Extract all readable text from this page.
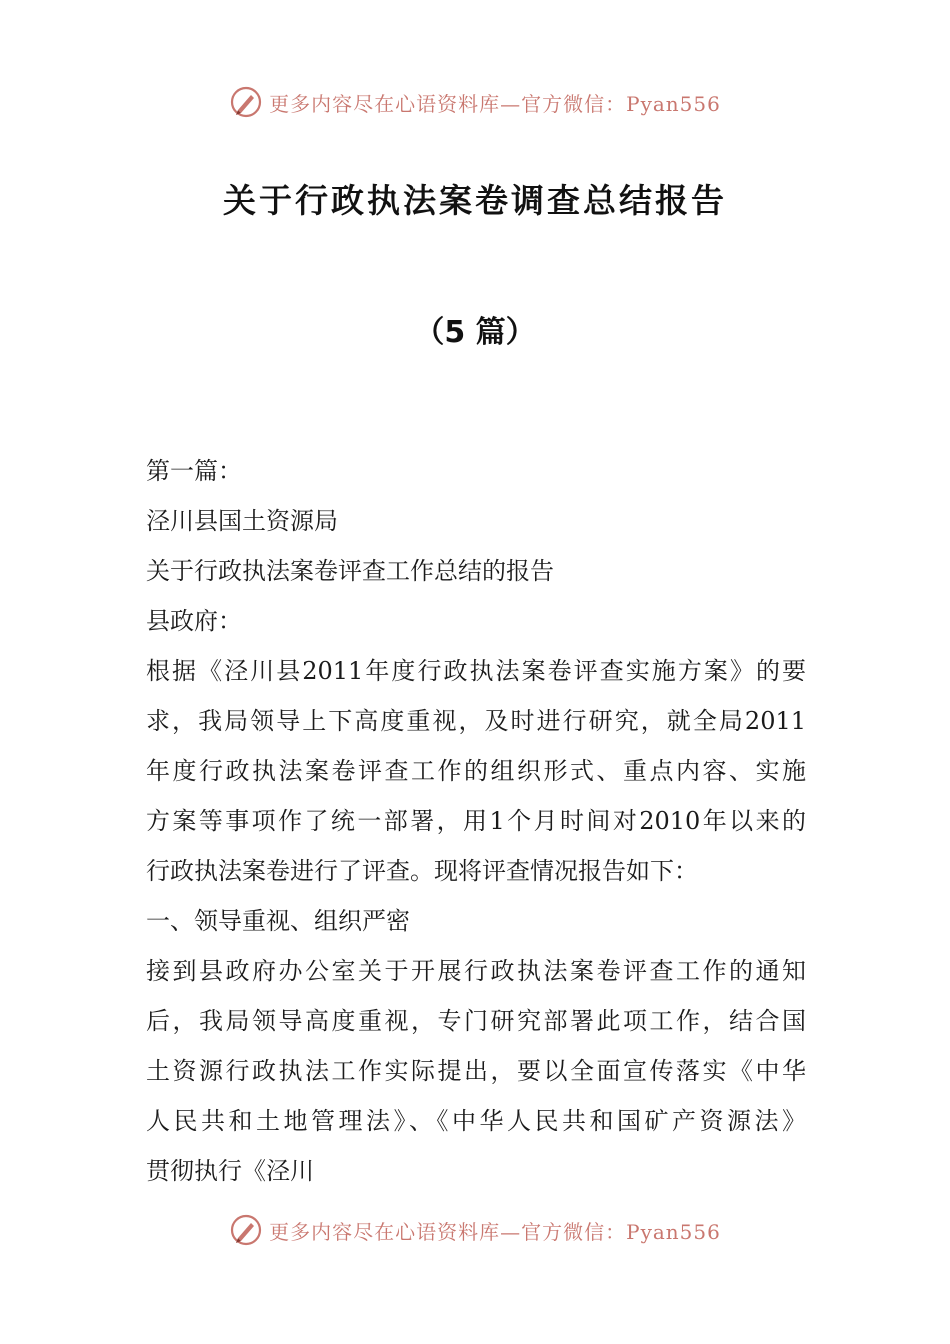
更多内容尽在心语资料库—官方微信：Pyan556
关于行政执法案卷调查总结报告
（5 篇）
第一篇：
泾川县国土资源局
关于行政执法案卷评查工作总结的报告
县政府：
根据《泾川县2011年度行政执法案卷评查实施方案》的要
求，我局领导上下高度重视，及时进行研究，就全局2011
年度行政执法案卷评查工作的组织形式、重点内容、实施
方案等事项作了统一部署，用1个月时间对2010年以来的
行政执法案卷进行了评查。现将评查情况报告如下：
一、领导重视、组织严密
接到县政府办公室关于开展行政执法案卷评查工作的通知
后，我局领导高度重视，专门研究部署此项工作，结合国
土资源行政执法工作实际提出，要以全面宣传落实《中华
人民共和土地管理法》、《中华人民共和国矿产资源法》
贯彻执行《泾川
更多内容尽在心语资料库—官方微信：Pyan556
